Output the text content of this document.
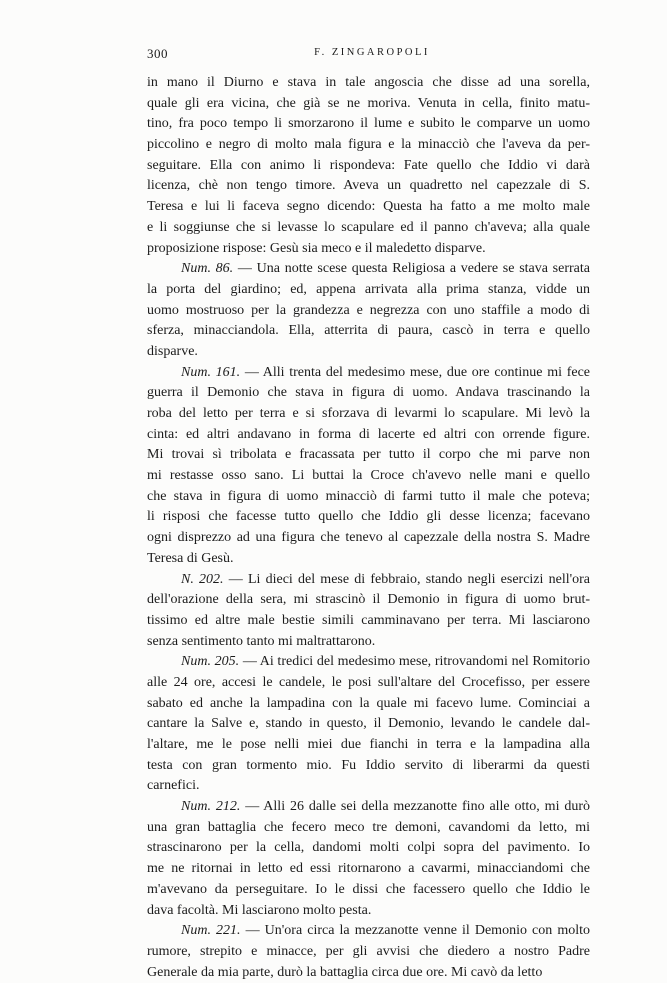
300	F. ZINGAROPOLI
in mano il Diurno e stava in tale angoscia che disse ad una sorella,
quale gli era vicina, che già se ne moriva. Venuta in cella, finito matu-
tino, fra poco tempo li smorzarono il lume e subito le comparve un uomo
piccolino e negro di molto mala figura e la minacciò che l'aveva da per-
seguitare. Ella con animo li rispondeva: Fate quello che Iddio vi darà
licenza, chè non tengo timore. Aveva un quadretto nel capezzale di S.
Teresa e lui li faceva segno dicendo: Questa ha fatto a me molto male
e li soggiunse che si levasse lo scapulare ed il panno ch'aveva; alla quale
proposizione rispose: Gesù sia meco e il maledetto disparve.
Num. 86. — Una notte scese questa Religiosa a vedere se stava serrata
la porta del giardino; ed, appena arrivata alla prima stanza, vidde un
uomo mostruoso per la grandezza e negrezza con uno staffile a modo di
sferza, minacciandola. Ella, atterrita di paura, cascò in terra e quello
disparve.
Num. 161. — Alli trenta del medesimo mese, due ore continue mi fece
guerra il Demonio che stava in figura di uomo. Andava trascinando la
roba del letto per terra e si sforzava di levarmi lo scapulare. Mi levò la
cinta: ed altri andavano in forma di lacerte ed altri con orrende figure.
Mi trovai sì tribolata e fracassata per tutto il corpo che mi parve non
mi restasse osso sano. Li buttai la Croce ch'avevo nelle mani e quello
che stava in figura di uomo minacciò di farmi tutto il male che poteva;
li risposi che facesse tutto quello che Iddio gli desse licenza; facevano
ogni disprezzo ad una figura che tenevo al capezzale della nostra S. Madre
Teresa di Gesù.
N. 202. — Li dieci del mese di febbraio, stando negli esercizi nell'ora
dell'orazione della sera, mi strascinò il Demonio in figura di uomo brut-
tissimo ed altre male bestie simili camminavano per terra. Mi lasciarono
senza sentimento tanto mi maltrattarono.
Num. 205. — Ai tredici del medesimo mese, ritrovandomi nel Romitorio
alle 24 ore, accesi le candele, le posi sull'altare del Crocefisso, per essere
sabato ed anche la lampadina con la quale mi facevo lume. Cominciai a
cantare la Salve e, stando in questo, il Demonio, levando le candele dal-
l'altare, me le pose nelli miei due fianchi in terra e la lampadina alla
testa con gran tormento mio. Fu Iddio servito di liberarmi da questi
carnefici.
Num. 212. — Alli 26 dalle sei della mezzanotte fino alle otto, mi durò
una gran battaglia che fecero meco tre demoni, cavandomi da letto, mi
strascinarono per la cella, dandomi molti colpi sopra del pavimento. Io
me ne ritornai in letto ed essi ritornarono a cavarmi, minacciandomi che
m'avevano da perseguitare. Io le dissi che facessero quello che Iddio le
dava facoltà. Mi lasciarono molto pesta.
Num. 221. — Un'ora circa la mezzanotte venne il Demonio con molto
rumore, strepito e minacce, per gli avvisi che diedero a nostro Padre
Generale da mia parte, durò la battaglia circa due ore. Mi cavò da letto
